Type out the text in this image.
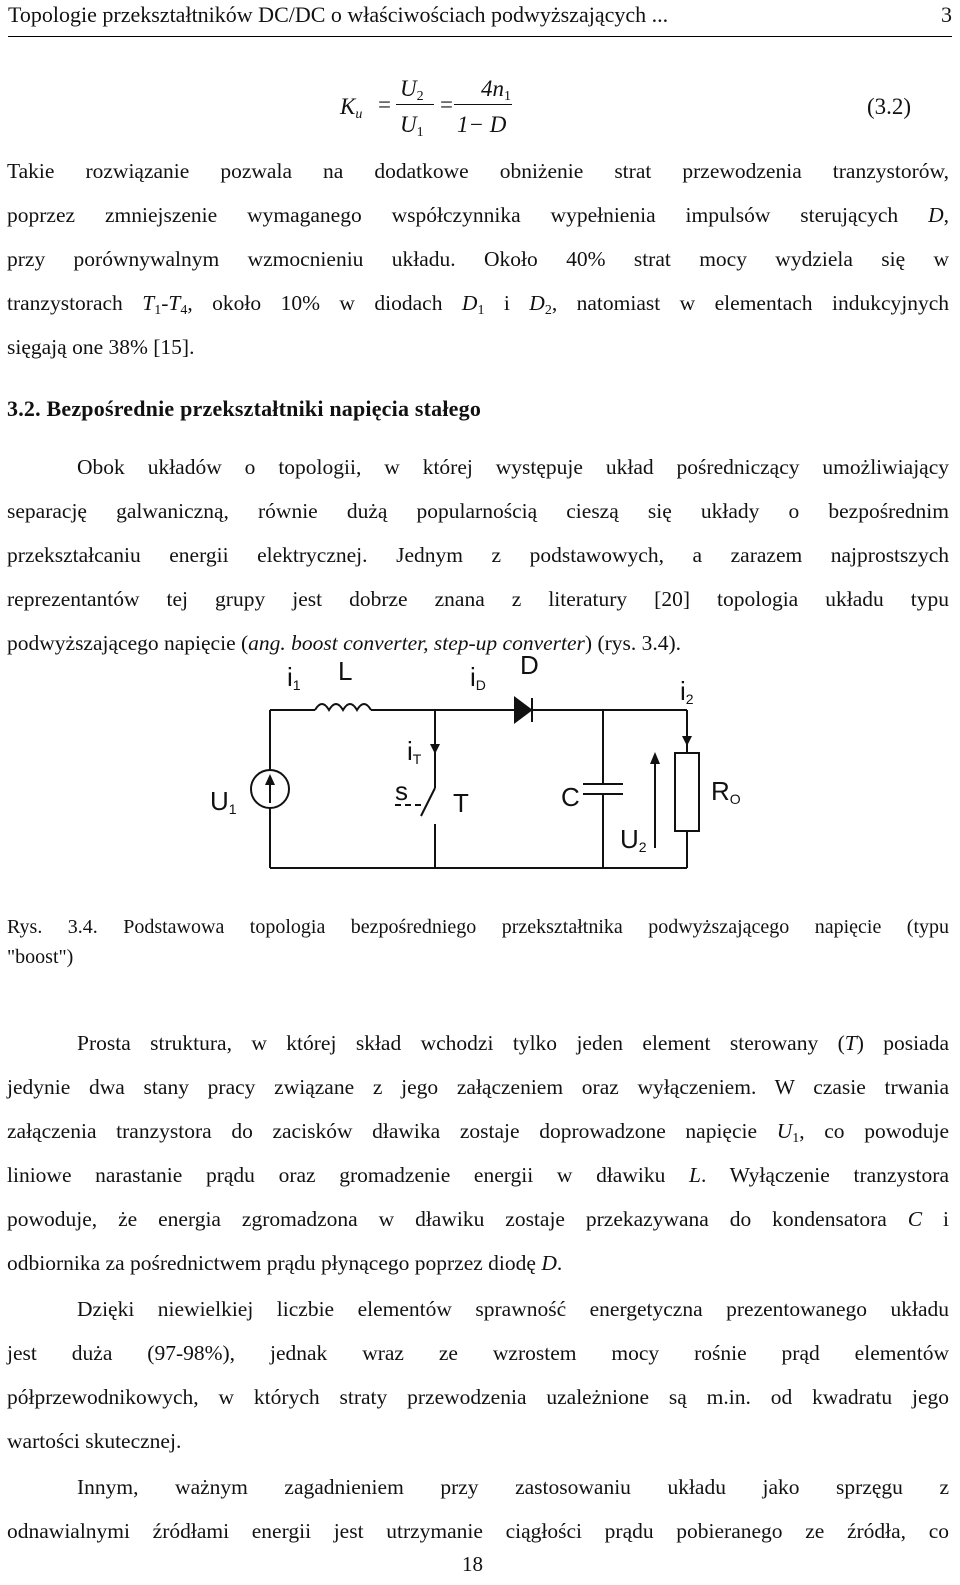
Topologie przekształtników DC/DC o właściwościach podwyższających ...	3
$K_u$ =
$U_2$
$U_1$
=
$4n_1$
1− D
(3.2)
Takie rozwiązanie pozwala na dodatkowe obniżenie strat przewodzenia tranzystorów,
poprzez zmniejszenie wymaganego współczynnika wypełnienia impulsów sterujących D,
przy porównywalnym wzmocnieniu układu. Około 40% strat mocy wydziela się w
tranzystorach $T_1-T_4$, około 10% w diodach $D_1$ i $D_2$, natomiast w elementach indukcyjnych
sięgają one 38% [15].
3.2. Bezpośrednie przekształtniki napięcia stałego
Obok układów o topologii, w której występuje układ pośredniczący umożliwiający
separację galwaniczną, równie dużą popularnością cieszą się układy o bezpośrednim
przekształcaniu energii elektrycznej. Jednym z podstawowych, a zarazem najprostszych
reprezentantów tej grupy jest dobrze znana z literatury [20] topologia układu typu
podwyższającego napięcie (ang. boost converter, step-up converter) (rys. 3.4).
$i_1$ L	$i_D$
D
$i_T$
$i_2$
$U_1$
s T	C
$U_2$
$R_O$
Rys. 3.4. Podstawowa topologia bezpośredniego przekształtnika podwyższającego napięcie (typu
"boost")
Prosta struktura, w której skład wchodzi tylko jeden element sterowany (T) posiada
jedynie dwa stany pracy związane z jego załączeniem oraz wyłączeniem. W czasie trwania
załączenia tranzystora do zacisków dławika zostaje doprowadzone napięcie $U_1$, co powoduje
liniowe narastanie prądu oraz gromadzenie energii w dławiku L. Wyłączenie tranzystora
powoduje, że energia zgromadzona w dławiku zostaje przekazywana do kondensatora C i
odbiornika za pośrednictwem prądu płynącego poprzez diodę D.
Dzięki niewielkiej liczbie elementów sprawność energetyczna prezentowanego układu
jest duża (97-98%), jednak wraz ze wzrostem mocy rośnie prąd elementów
półprzewodnikowych, w których straty przewodzenia uzależnione są m.in. od kwadratu jego
wartości skutecznej.
Innym, ważnym zagadnieniem przy zastosowaniu układu jako sprzęgu z
odnawialnymi źródłami energii jest utrzymanie ciągłości prądu pobieranego ze źródła, co
18
